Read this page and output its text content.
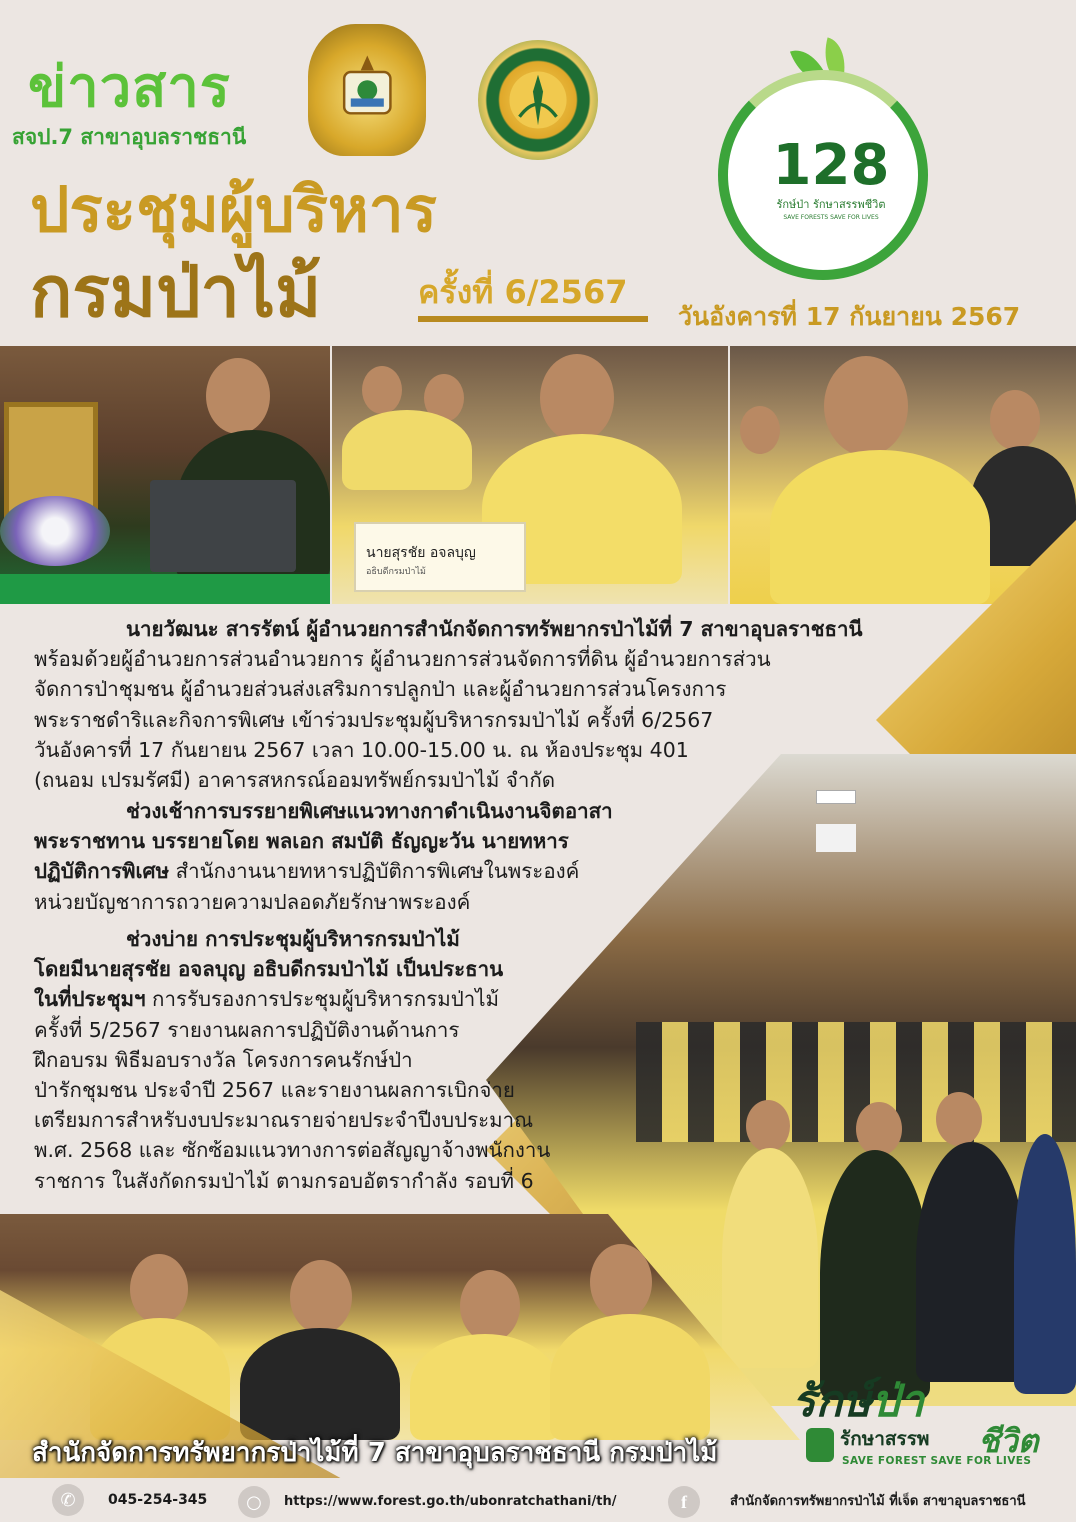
ข่าวสาร
สจป.7 สาขาอุบลราชธานี	128
รักษ์ป่า รักษาสรรพชีวิต
SAVE FORESTS SAVE FOR LIVES
ประชุมผู้บริหาร
กรมป่าไม้	ครั้งที่ 6/2567
วันอังคารที่ 17 กันยายน 2567
นายสุรชัย อจลบุญ
อธิบดีกรมป่าไม้
นายวัฒนะ สารรัตน์ ผู้อำนวยการสำนักจัดการทรัพยากรป่าไม้ที่ 7 สาขาอุบลราชธานี
พร้อมด้วยผู้อำนวยการส่วนอำนวยการ ผู้อำนวยการส่วนจัดการที่ดิน ผู้อำนวยการส่วน
จัดการป่าชุมชน ผู้อำนวยส่วนส่งเสริมการปลูกป่า และผู้อำนวยการส่วนโครงการ
พระราชดำริและกิจการพิเศษ เข้าร่วมประชุมผู้บริหารกรมป่าไม้ ครั้งที่ 6/2567
วันอังคารที่ 17 กันยายน 2567 เวลา 10.00-15.00 น. ณ ห้องประชุม 401
(ถนอม เปรมรัศมี) อาคารสหกรณ์ออมทรัพย์กรมป่าไม้ จำกัด
ช่วงเช้าการบรรยายพิเศษแนวทางกาดำเนินงานจิตอาสา
พระราชทาน บรรยายโดย พลเอก สมบัติ ธัญญะวัน นายทหาร
ปฏิบัติการพิเศษ สำนักงานนายทหารปฏิบัติการพิเศษในพระองค์
หน่วยบัญชาการถวายความปลอดภัยรักษาพระองค์
ช่วงบ่าย การประชุมผู้บริหารกรมป่าไม้
โดยมีนายสุรชัย อจลบุญ อธิบดีกรมป่าไม้ เป็นประธาน
ในที่ประชุมฯ การรับรองการประชุมผู้บริหารกรมป่าไม้
ครั้งที่ 5/2567 รายงานผลการปฏิบัติงานด้านการ
ฝึกอบรม พิธีมอบรางวัล โครงการคนรักษ์ป่า
ป่ารักชุมชน ประจำปี 2567 และรายงานผลการเบิกจ่าย
เตรียมการสำหรับงบประมาณรายจ่ายประจำปีงบประมาณ
พ.ศ. 2568 และ ซักซ้อมแนวทางการต่อสัญญาจ้างพนักงาน
ราชการ ในสังกัดกรมป่าไม้ ตามกรอบอัตรากำลัง รอบที่ 6
สำนักจัดการทรัพยากรป่าไม้ที่ 7 สาขาอุบลราชธานี กรมป่าไม้
✆	045-254-345	○	https://www.forest.go.th/ubonratchathani/th/	f	สำนักจัดการทรัพยากรป่าไม้ ที่เจ็ด สาขาอุบลราชธานี
รักษ์ป่า
รักษาสรรพ ชีวิต
SAVE FOREST SAVE FOR LIVES
